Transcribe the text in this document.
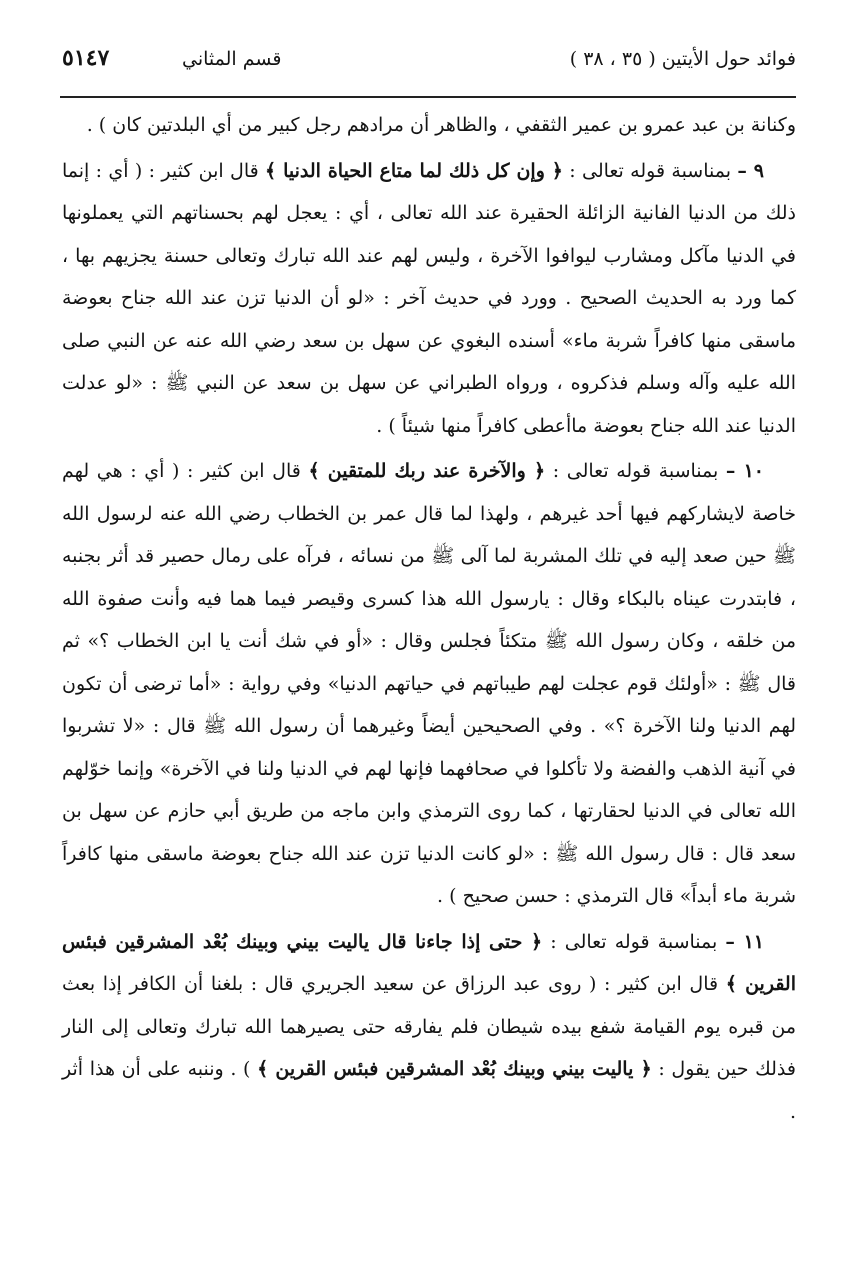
فوائد حول الأيتين ( ٣٥ ، ٣٨ )
قسم المثاني
٥١٤٧

وكنانة بن عبد عمرو بن عمير الثقفي ، والظاهر أن مرادهم رجل كبير من أي البلدتين كان ) .

٩ – بمناسبة قوله تعالى : ﴿ وإن كل ذلك لما متاع الحياة الدنيا ﴾ قال ابن كثير : ( أي : إنما ذلك من الدنيا الفانية الزائلة الحقيرة عند الله تعالى ، أي : يعجل لهم بحسناتهم التي يعملونها في الدنيا مآكل ومشارب ليوافوا الآخرة ، وليس لهم عند الله تبارك وتعالى حسنة يجزيهم بها ، كما ورد به الحديث الصحيح . وورد في حديث آخر : «لو أن الدنيا تزن عند الله جناح بعوضة ماسقى منها كافراً شربة ماء» أسنده البغوي عن سهل بن سعد رضي الله عنه عن النبي صلى الله عليه وآله وسلم فذكروه ، ورواه الطبراني عن سهل بن سعد عن النبي ﷺ : «لو عدلت الدنيا عند الله جناح بعوضة ماأعطى كافراً منها شيئاً ) .

١٠ – بمناسبة قوله تعالى : ﴿ والآخرة عند ربك للمتقين ﴾ قال ابن كثير : ( أي : هي لهم خاصة لايشاركهم فيها أحد غيرهم ، ولهذا لما قال عمر بن الخطاب رضي الله عنه لرسول الله ﷺ حين صعد إليه في تلك المشربة لما آلى ﷺ من نسائه ، فرآه على رمال حصير قد أثر بجنبه ، فابتدرت عيناه بالبكاء وقال : يارسول الله هذا كسرى وقيصر فيما هما فيه وأنت صفوة الله من خلقه ، وكان رسول الله ﷺ متكئاً فجلس وقال : «أو في شك أنت يا ابن الخطاب ؟» ثم قال ﷺ : «أولئك قوم عجلت لهم طيباتهم في حياتهم الدنيا» وفي رواية : «أما ترضى أن تكون لهم الدنيا ولنا الآخرة ؟» . وفي الصحيحين أيضاً وغيرهما أن رسول الله ﷺ قال : «لا تشربوا في آنية الذهب والفضة ولا تأكلوا في صحافهما فإنها لهم في الدنيا ولنا في الآخرة» وإنما خوّلهم الله تعالى في الدنيا لحقارتها ، كما روى الترمذي وابن ماجه من طريق أبي حازم عن سهل بن سعد قال : قال رسول الله ﷺ : «لو كانت الدنيا تزن عند الله جناح بعوضة ماسقى منها كافراً شربة ماء أبداً» قال الترمذي : حسن صحيح ) .

١١ – بمناسبة قوله تعالى : ﴿ حتى إذا جاءنا قال ياليت بيني وبينك بُعْد المشرقين فبئس القرين ﴾ قال ابن كثير : ( روى عبد الرزاق عن سعيد الجريري قال : بلغنا أن الكافر إذا بعث من قبره يوم القيامة شفع بيده شيطان فلم يفارقه حتى يصيرهما الله تبارك وتعالى إلى النار فذلك حين يقول : ﴿ ياليت بيني وبينك بُعْد المشرقين فبئس القرين ﴾ ) . وننبه على أن هذا أثر .
